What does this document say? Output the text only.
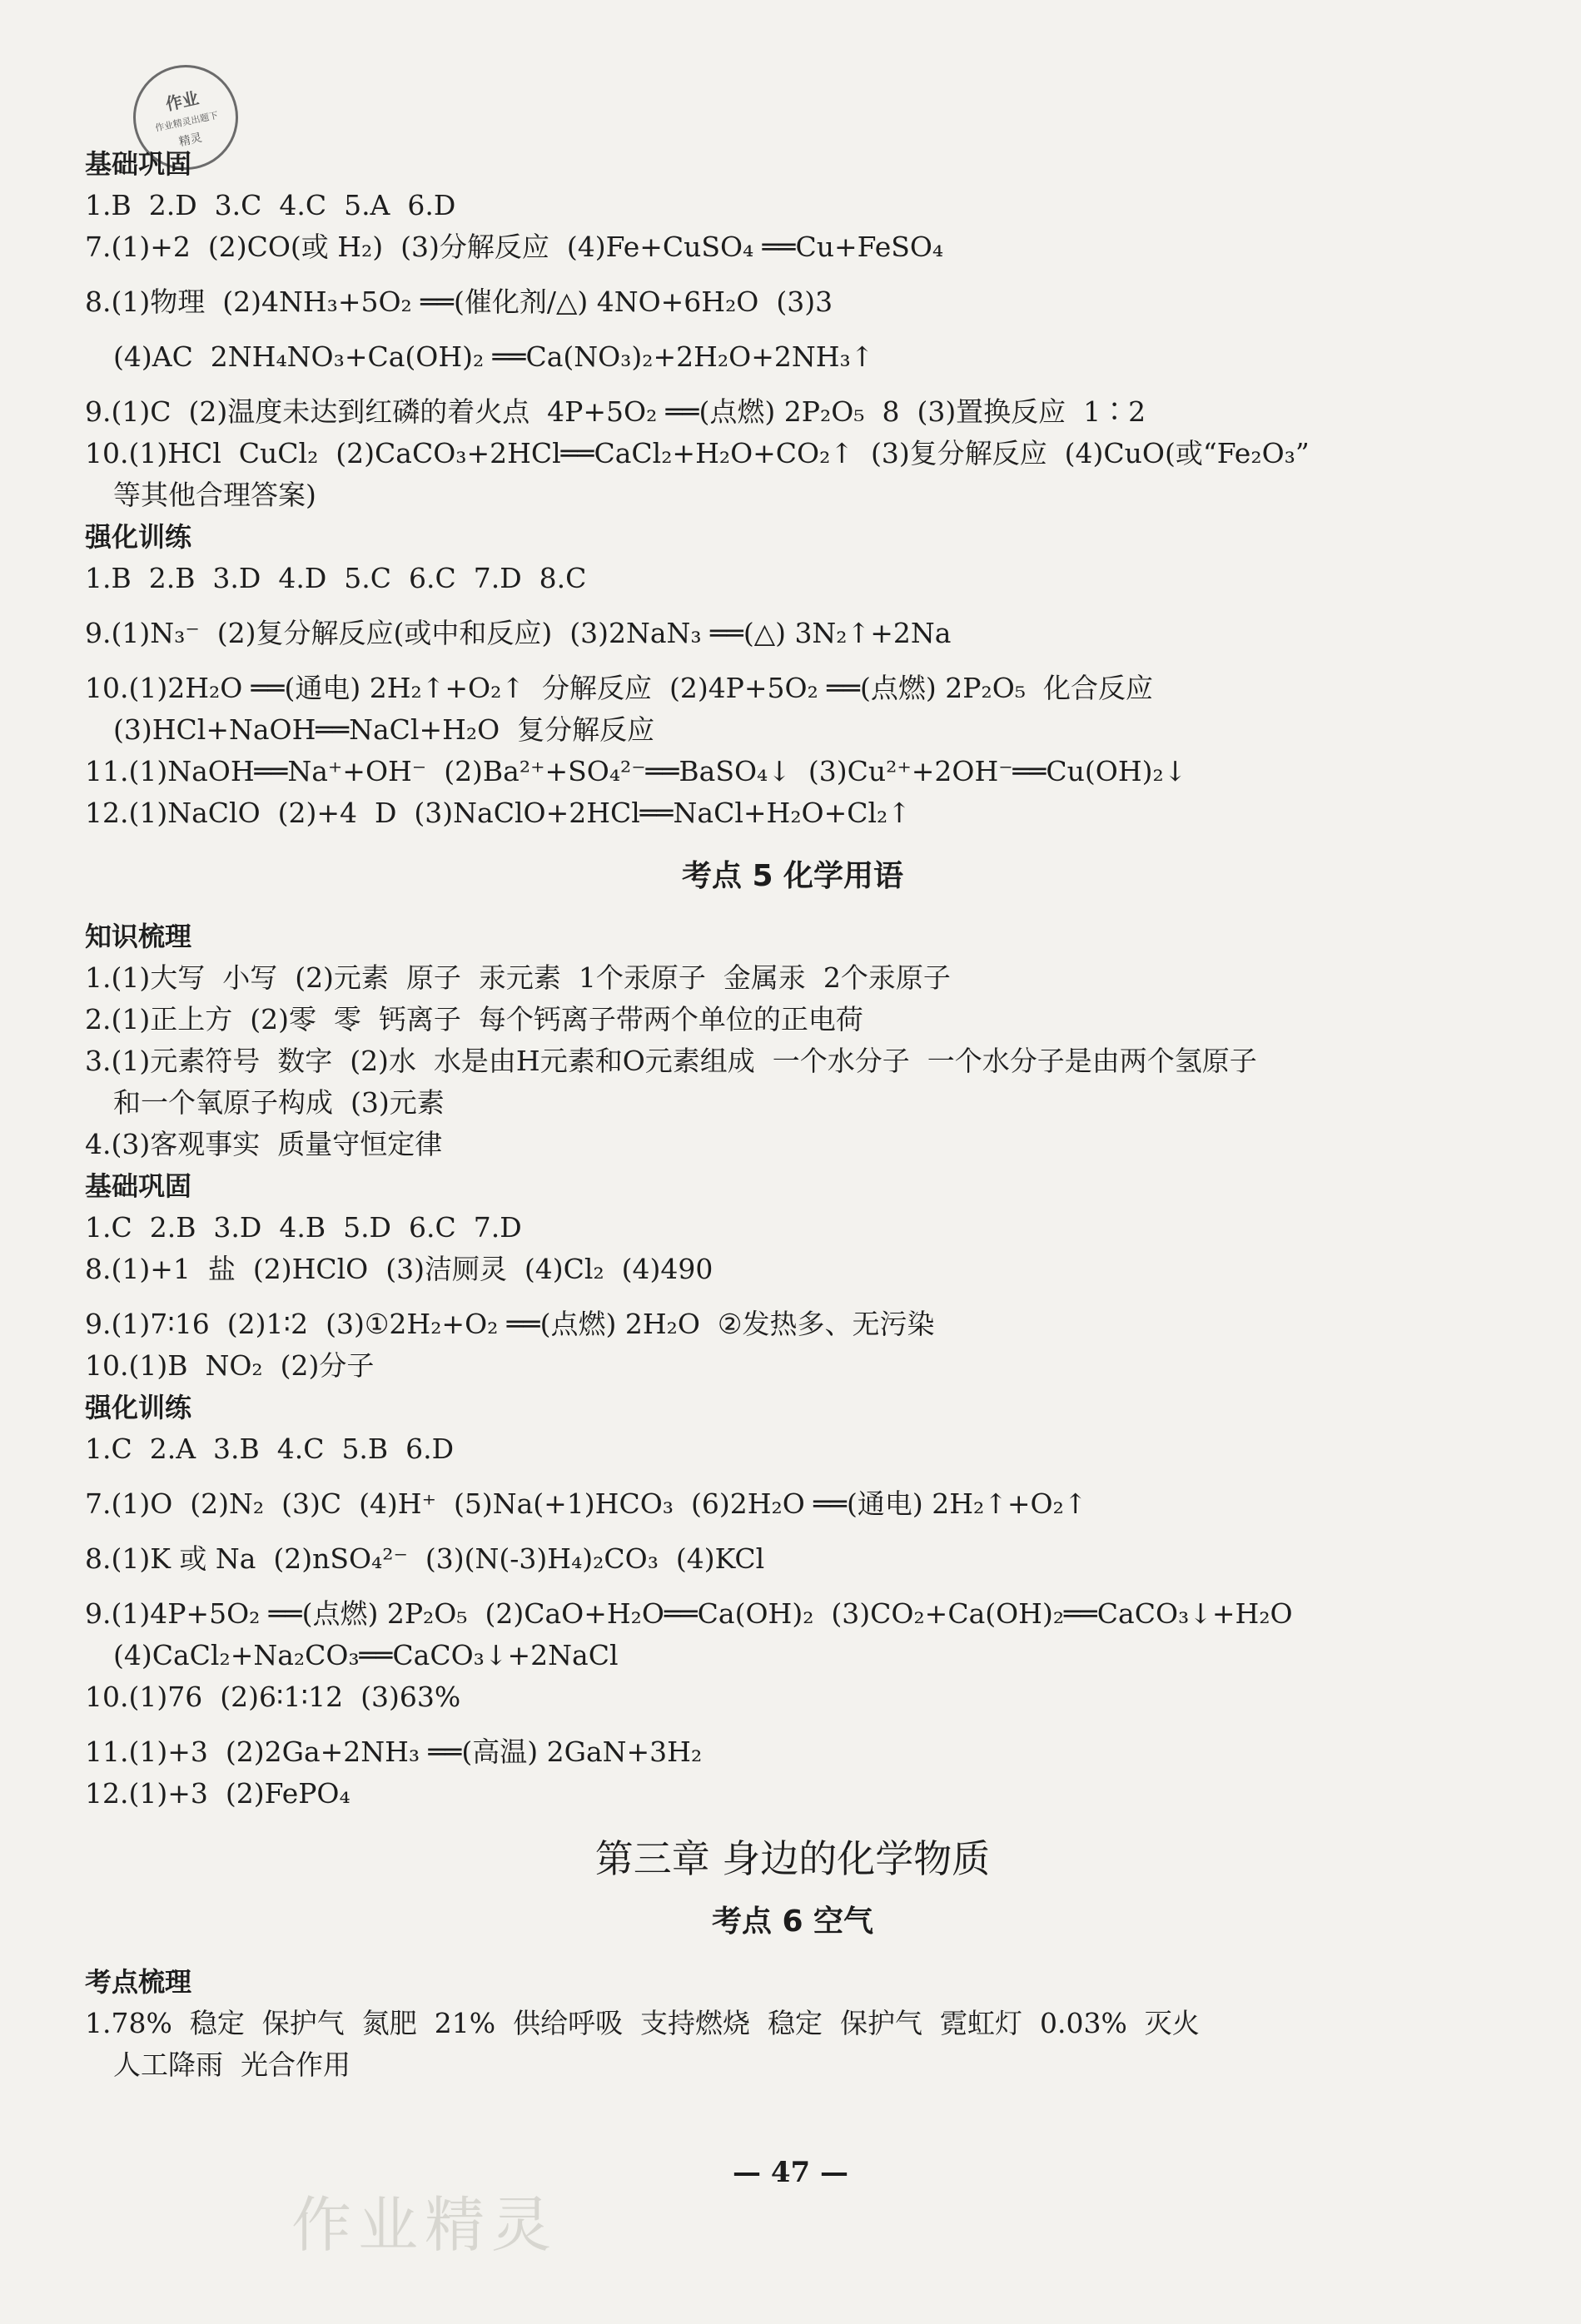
作业
作业精灵出题下
精灵
基础巩固
1.B  2.D  3.C  4.C  5.A  6.D
7.(1)+2  (2)CO(或 H₂)  (3)分解反应  (4)Fe+CuSO₄ ══Cu+FeSO₄
8.(1)物理  (2)4NH₃+5O₂ ══(催化剂/△) 4NO+6H₂O  (3)3
(4)AC  2NH₄NO₃+Ca(OH)₂ ══Ca(NO₃)₂+2H₂O+2NH₃↑
9.(1)C  (2)温度未达到红磷的着火点  4P+5O₂ ══(点燃) 2P₂O₅  8  (3)置换反应  1∶2
10.(1)HCl  CuCl₂  (2)CaCO₃+2HCl══CaCl₂+H₂O+CO₂↑  (3)复分解反应  (4)CuO(或“Fe₂O₃”
等其他合理答案)
强化训练
1.B  2.B  3.D  4.D  5.C  6.C  7.D  8.C
9.(1)N₃⁻  (2)复分解反应(或中和反应)  (3)2NaN₃ ══(△) 3N₂↑+2Na
10.(1)2H₂O ══(通电) 2H₂↑+O₂↑  分解反应  (2)4P+5O₂ ══(点燃) 2P₂O₅  化合反应
(3)HCl+NaOH══NaCl+H₂O  复分解反应
11.(1)NaOH══Na⁺+OH⁻  (2)Ba²⁺+SO₄²⁻══BaSO₄↓  (3)Cu²⁺+2OH⁻══Cu(OH)₂↓
12.(1)NaClO  (2)+4  D  (3)NaClO+2HCl══NaCl+H₂O+Cl₂↑
考点 5 化学用语
知识梳理
1.(1)大写  小写  (2)元素  原子  汞元素  1个汞原子  金属汞  2个汞原子
2.(1)正上方  (2)零  零  钙离子  每个钙离子带两个单位的正电荷
3.(1)元素符号  数字  (2)水  水是由H元素和O元素组成  一个水分子  一个水分子是由两个氢原子
和一个氧原子构成  (3)元素
4.(3)客观事实  质量守恒定律
基础巩固
1.C  2.B  3.D  4.B  5.D  6.C  7.D
8.(1)+1  盐  (2)HClO  (3)洁厕灵  (4)Cl₂  (4)490
9.(1)7∶16  (2)1∶2  (3)①2H₂+O₂ ══(点燃) 2H₂O  ②发热多、无污染
10.(1)B  NO₂  (2)分子
强化训练
1.C  2.A  3.B  4.C  5.B  6.D
7.(1)O  (2)N₂  (3)C  (4)H⁺  (5)Na(+1)HCO₃  (6)2H₂O ══(通电) 2H₂↑+O₂↑
8.(1)K 或 Na  (2)nSO₄²⁻  (3)(N(-3)H₄)₂CO₃  (4)KCl
9.(1)4P+5O₂ ══(点燃) 2P₂O₅  (2)CaO+H₂O══Ca(OH)₂  (3)CO₂+Ca(OH)₂══CaCO₃↓+H₂O
(4)CaCl₂+Na₂CO₃══CaCO₃↓+2NaCl
10.(1)76  (2)6∶1∶12  (3)63%
11.(1)+3  (2)2Ga+2NH₃ ══(高温) 2GaN+3H₂
12.(1)+3  (2)FePO₄
第三章 身边的化学物质
考点 6 空气
考点梳理
1.78%  稳定  保护气  氮肥  21%  供给呼吸  支持燃烧  稳定  保护气  霓虹灯  0.03%  灭火
人工降雨  光合作用
— 47 —
作业精灵
